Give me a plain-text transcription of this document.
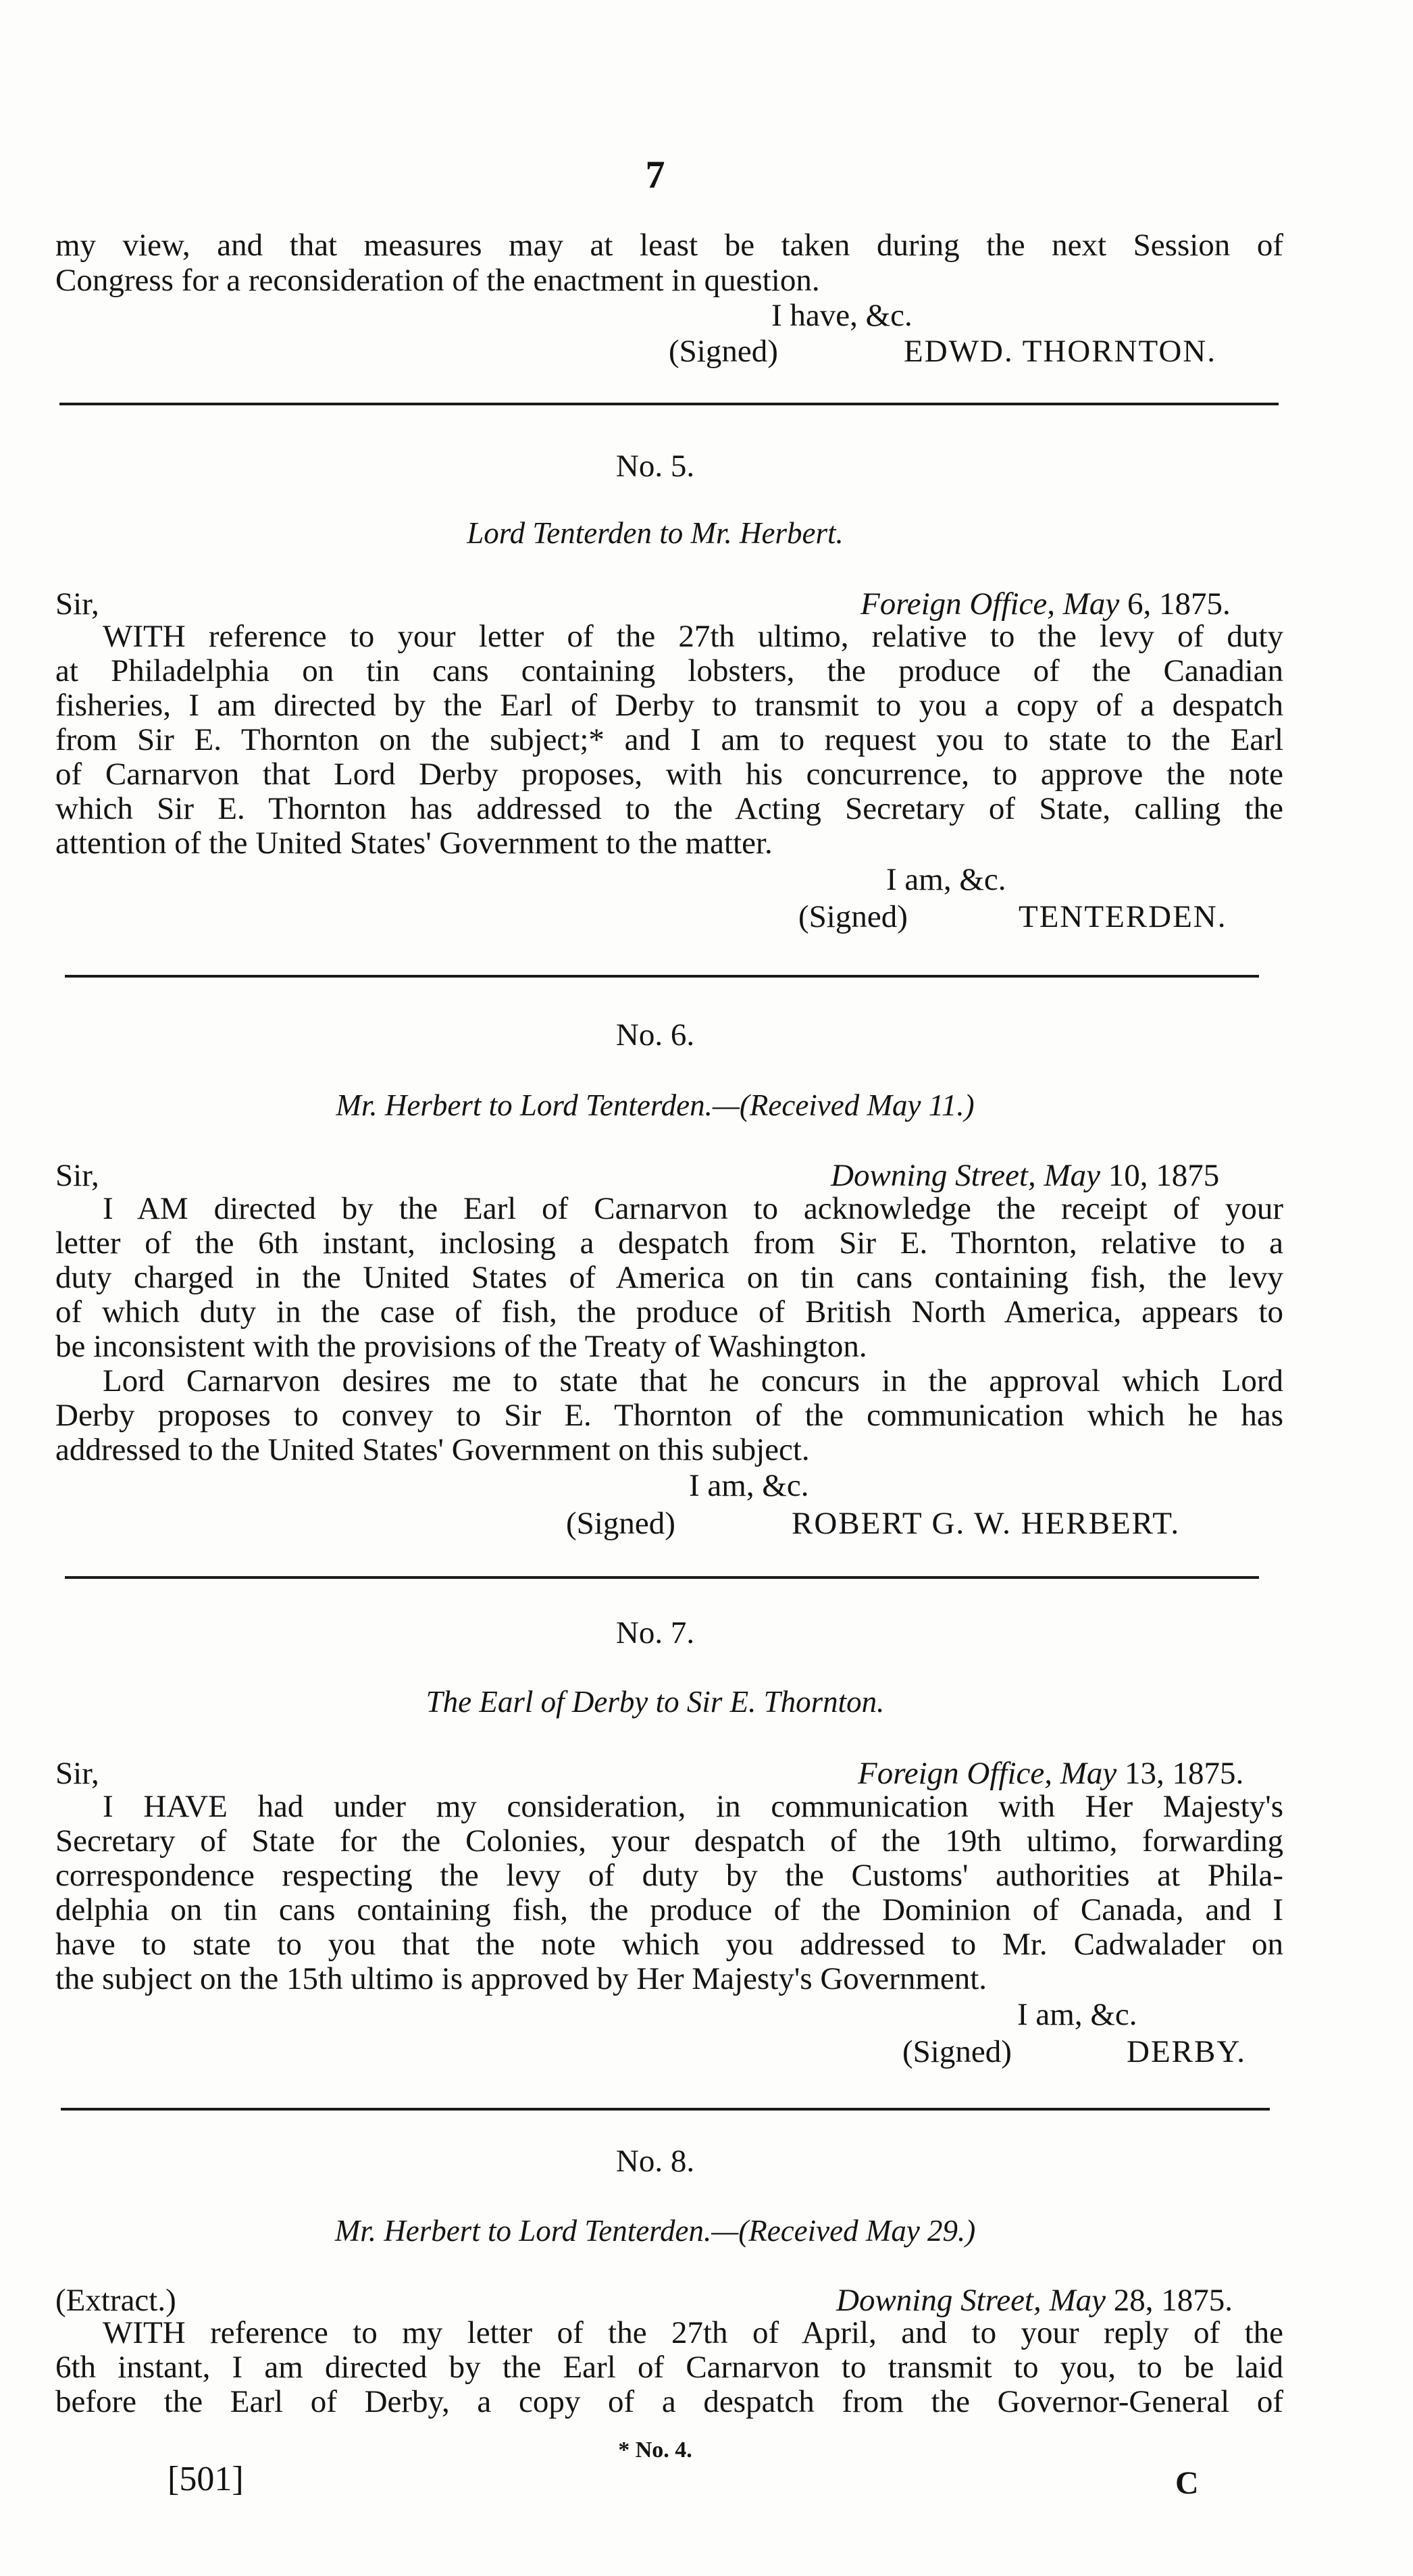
7
my view, and that measures may at least be taken during the next Session of
Congress for a reconsideration of the enactment in question.
I have, &c.
(Signed)	EDWD. THORNTON.
No. 5.
Lord Tenterden to Mr. Herbert.
Sir,	Foreign Office, May 6, 1875.
WITH reference to your letter of the 27th ultimo, relative to the levy of duty
at Philadelphia on tin cans containing lobsters, the produce of the Canadian
fisheries, I am directed by the Earl of Derby to transmit to you a copy of a despatch
from Sir E. Thornton on the subject;* and I am to request you to state to the Earl
of Carnarvon that Lord Derby proposes, with his concurrence, to approve the note
which Sir E. Thornton has addressed to the Acting Secretary of State, calling the
attention of the United States' Government to the matter.
I am, &c.
(Signed)	TENTERDEN.
No. 6.
Mr. Herbert to Lord Tenterden.—(Received May 11.)
Sir,	Downing Street, May 10, 1875
I AM directed by the Earl of Carnarvon to acknowledge the receipt of your
letter of the 6th instant, inclosing a despatch from Sir E. Thornton, relative to a
duty charged in the United States of America on tin cans containing fish, the levy
of which duty in the case of fish, the produce of British North America, appears to
be inconsistent with the provisions of the Treaty of Washington.
Lord Carnarvon desires me to state that he concurs in the approval which Lord
Derby proposes to convey to Sir E. Thornton of the communication which he has
addressed to the United States' Government on this subject.
I am, &c.
(Signed)	ROBERT G. W. HERBERT.
No. 7.
The Earl of Derby to Sir E. Thornton.
Sir,	Foreign Office, May 13, 1875.
I HAVE had under my consideration, in communication with Her Majesty's
Secretary of State for the Colonies, your despatch of the 19th ultimo, forwarding
correspondence respecting the levy of duty by the Customs' authorities at Phila-
delphia on tin cans containing fish, the produce of the Dominion of Canada, and I
have to state to you that the note which you addressed to Mr. Cadwalader on
the subject on the 15th ultimo is approved by Her Majesty's Government.
I am, &c.
(Signed)	DERBY.
No. 8.
Mr. Herbert to Lord Tenterden.—(Received May 29.)
(Extract.)	Downing Street, May 28, 1875.
WITH reference to my letter of the 27th of April, and to your reply of the
6th instant, I am directed by the Earl of Carnarvon to transmit to you, to be laid
before the Earl of Derby, a copy of a despatch from the Governor-General of
* No. 4.
[501]	C
